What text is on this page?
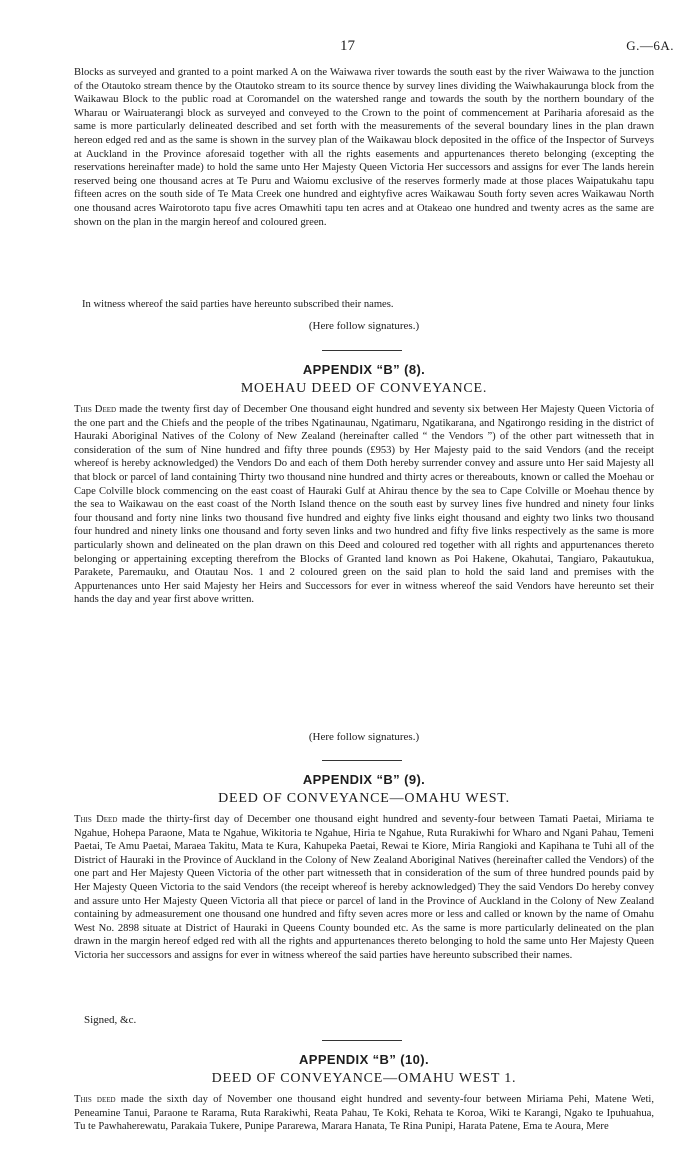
17	G.—6A.

Blocks as surveyed and granted to a point marked A on the Waiwawa river towards the south east by the river Waiwawa to the junction of the Otautoko stream thence by the Otautoko stream to its source thence by survey lines dividing the Waiwhakaurunga block from the Waikawau Block to the public road at Coromandel on the watershed range and towards the south by the northern boundary of the Wharau or Wairuaterangi block as surveyed and conveyed to the Crown to the point of commencement at Pariharia aforesaid as the same is more particularly delineated described and set forth with the measurements of the several boundary lines in the plan drawn hereon edged red and as the same is shown in the survey plan of the Waikawau block deposited in the office of the Inspector of Surveys at Auckland in the Province aforesaid together with all the rights easements and appurtenances thereto belonging (excepting the reservations hereinafter made) to hold the same unto Her Majesty Queen Victoria Her successors and assigns for ever The lands herein reserved being one thousand acres at Te Puru and Waiomu exclusive of the reserves formerly made at those places Waipatukahu tapu fifteen acres on the south side of Te Mata Creek one hundred and eightyfive acres Waikawau South forty seven acres Waikawau North one thousand acres Wairotoroto tapu five acres Omawhiti tapu ten acres and at Otakeao one hundred and twenty acres as the same are shown on the plan in the margin hereof and coloured green.

In witness whereof the said parties have hereunto subscribed their names.

(Here follow signatures.)

APPENDIX “B” (8).

MOEHAU DEED OF CONVEYANCE.

This Deed made the twenty first day of December One thousand eight hundred and seventy six between Her Majesty Queen Victoria of the one part and the Chiefs and the people of the tribes Ngatinaunau, Ngatimaru, Ngatikarana, and Ngatirongo residing in the district of Hauraki Aboriginal Natives of the Colony of New Zealand (hereinafter called “ the Vendors ”) of the other part witnesseth that in consideration of the sum of Nine hundred and fifty three pounds (£953) by Her Majesty paid to the said Vendors (and the receipt whereof is hereby acknowledged) the Vendors Do and each of them Doth hereby surrender convey and assure unto Her said Majesty all that block or parcel of land containing Thirty two thousand nine hundred and thirty acres or thereabouts, known or called the Moehau or Cape Colville block commencing on the east coast of Hauraki Gulf at Ahirau thence by the sea to Cape Colville or Moehau thence by the sea to Waikawau on the east coast of the North Island thence on the south east by survey lines five hundred and ninety four links four thousand and forty nine links two thousand five hundred and eighty five links eight thousand and eighty two links two thousand four hundred and ninety links one thousand and forty seven links and two hundred and fifty five links respectively as the same is more particularly shown and delineated on the plan drawn on this Deed and coloured red together with all rights and appurtenances thereto belonging or appertaining excepting therefrom the Blocks of Granted land known as Poi Hakene, Okahutai, Tangiaro, Pakautukua, Parakete, Paremauku, and Otautau Nos. 1 and 2 coloured green on the said plan to hold the said land and premises with the Appurtenances unto Her said Majesty her Heirs and Successors for ever in witness whereof the said Vendors have hereunto set their hands the day and year first above written.

(Here follow signatures.)

APPENDIX “B” (9).

DEED OF CONVEYANCE—OMAHU WEST.

This Deed made the thirty-first day of December one thousand eight hundred and seventy-four between Tamati Paetai, Miriama te Ngahue, Hohepa Paraone, Mata te Ngahue, Wikitoria te Ngahue, Hiria te Ngahue, Ruta Rurakiwhi for Wharo and Ngani Pahau, Temeni Paetai, Te Amu Paetai, Maraea Takitu, Mata te Kura, Kahupeka Paetai, Rewai te Kiore, Miria Rangioki and Kapihana te Tuhi all of the District of Hauraki in the Province of Auckland in the Colony of New Zealand Aboriginal Natives (hereinafter called the Vendors) of the one part and Her Majesty Queen Victoria of the other part witnesseth that in consideration of the sum of three hundred pounds paid by Her Majesty Queen Victoria to the said Vendors (the receipt whereof is hereby acknowledged) They the said Vendors Do hereby convey and assure unto Her Majesty Queen Victoria all that piece or parcel of land in the Province of Auckland in the Colony of New Zealand containing by admeasurement one thousand one hundred and fifty seven acres more or less and called or known by the name of Omahu West No. 2898 situate at District of Hauraki in Queens County bounded etc. As the same is more particularly delineated on the plan drawn in the margin hereof edged red with all the rights and appurtenances thereto belonging to hold the same unto Her Majesty Queen Victoria her successors and assigns for ever in witness whereof the said parties have hereunto subscribed their names.

Signed, &c.

APPENDIX “B” (10).

DEED OF CONVEYANCE—OMAHU WEST 1.

This deed made the sixth day of November one thousand eight hundred and seventy-four between Miriama Pehi, Matene Weti, Peneamine Tanui, Paraone te Rarama, Ruta Rarakiwhi, Reata Pahau, Te Koki, Rehata te Koroa, Wiki te Karangi, Ngako te Ipuhuahua, Tu te Pawhaherewatu, Parakaia Tukere, Punipe Pararewa, Marara Hanata, Te Rina Punipi, Harata Patene, Ema te Aoura, Mere
